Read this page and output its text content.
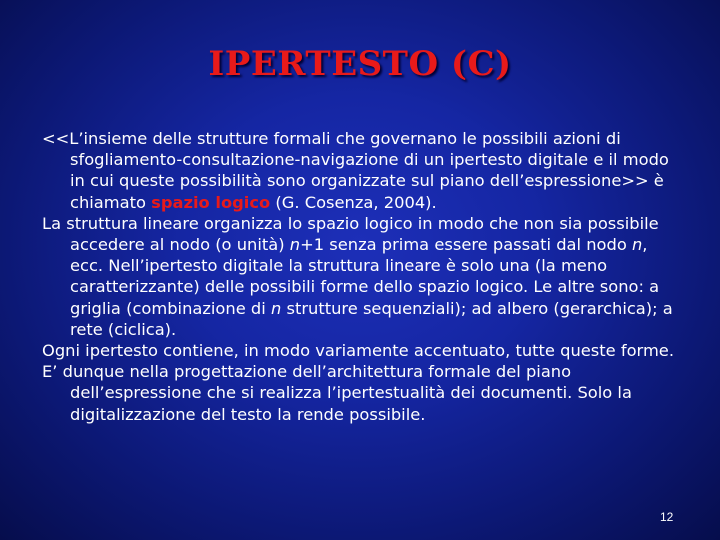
IPERTESTO (C)

<<L’insieme delle strutture formali che governano le possibili azioni di sfogliamento-consultazione-navigazione di un ipertesto digitale e il modo in cui queste possibilità sono organizzate sul piano dell’espressione>> è chiamato spazio logico (G. Cosenza, 2004).

La struttura lineare organizza lo spazio logico in modo che non sia possibile accedere al nodo (o unità) n+1 senza prima essere passati dal nodo n, ecc. Nell’ipertesto digitale la struttura lineare è solo una (la meno caratterizzante) delle possibili forme dello spazio logico. Le altre sono: a griglia (combinazione di n strutture sequenziali); ad albero (gerarchica); a rete (ciclica).

Ogni ipertesto contiene, in modo variamente accentuato, tutte queste forme.

E’ dunque nella progettazione dell’architettura formale del piano dell’espressione che si realizza l’ipertestualità dei documenti. Solo la digitalizzazione del testo la rende possibile.

12
